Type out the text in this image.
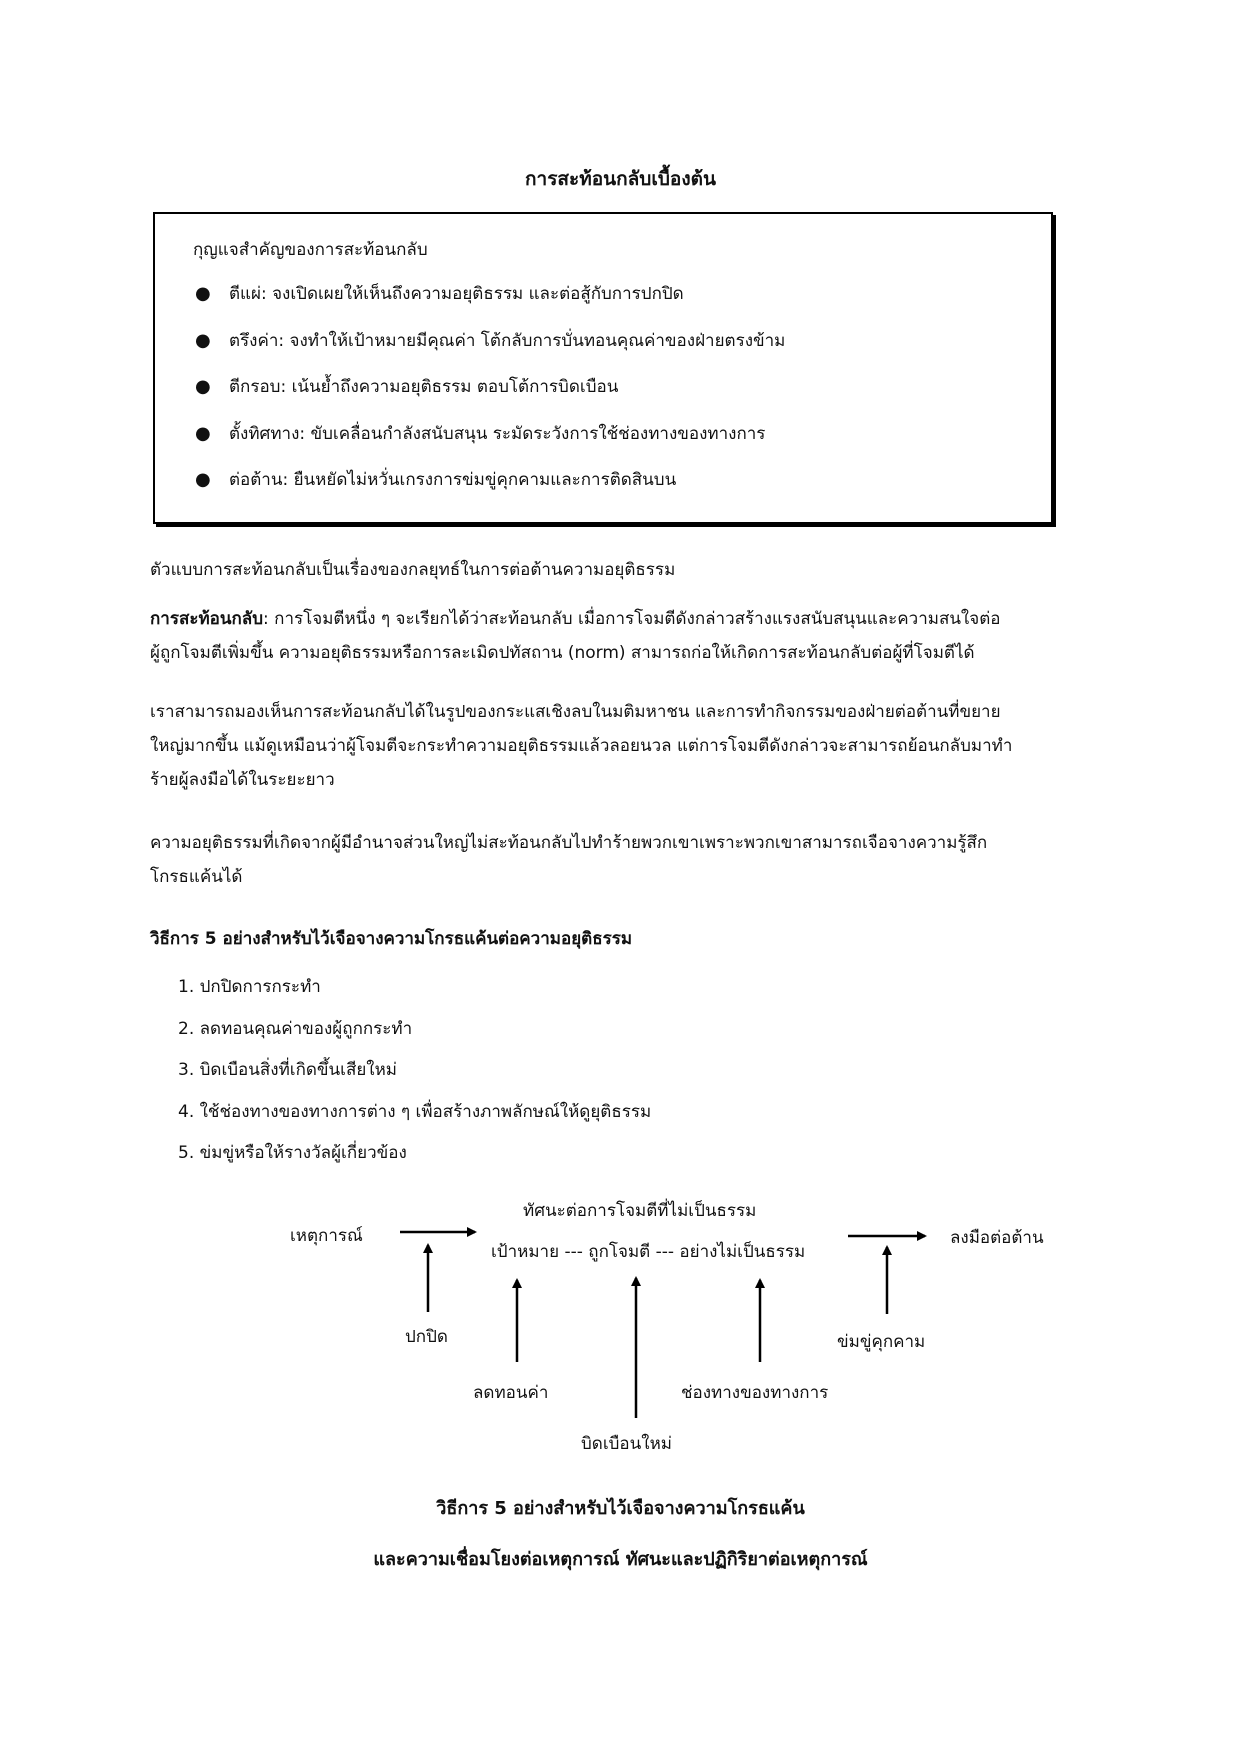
การสะท้อนกลับเบื้องต้น
กุญแจสำคัญของการสะท้อนกลับ
● ตีแผ่: จงเปิดเผยให้เห็นถึงความอยุติธรรม และต่อสู้กับการปกปิด
● ตรึงค่า: จงทำให้เป้าหมายมีคุณค่า โต้กลับการบั่นทอนคุณค่าของฝ่ายตรงข้าม
● ตีกรอบ: เน้นย้ำถึงความอยุติธรรม ตอบโต้การบิดเบือน
● ตั้งทิศทาง: ขับเคลื่อนกำลังสนับสนุน ระมัดระวังการใช้ช่องทางของทางการ
● ต่อต้าน: ยืนหยัดไม่หวั่นเกรงการข่มขู่คุกคามและการติดสินบน
ตัวแบบการสะท้อนกลับเป็นเรื่องของกลยุทธ์ในการต่อต้านความอยุติธรรม
การสะท้อนกลับ: การโจมตีหนึ่ง ๆ จะเรียกได้ว่าสะท้อนกลับ เมื่อการโจมตีดังกล่าวสร้างแรงสนับสนุนและความสนใจต่อ
ผู้ถูกโจมตีเพิ่มขึ้น ความอยุติธรรมหรือการละเมิดปทัสถาน (norm) สามารถก่อให้เกิดการสะท้อนกลับต่อผู้ที่โจมตีได้
เราสามารถมองเห็นการสะท้อนกลับได้ในรูปของกระแสเชิงลบในมติมหาชน และการทำกิจกรรมของฝ่ายต่อต้านที่ขยาย
ใหญ่มากขึ้น แม้ดูเหมือนว่าผู้โจมตีจะกระทำความอยุติธรรมแล้วลอยนวล แต่การโจมตีดังกล่าวจะสามารถย้อนกลับมาทำ
ร้ายผู้ลงมือได้ในระยะยาว
ความอยุติธรรมที่เกิดจากผู้มีอำนาจส่วนใหญ่ไม่สะท้อนกลับไปทำร้ายพวกเขาเพราะพวกเขาสามารถเจือจางความรู้สึก
โกรธแค้นได้
วิธีการ 5 อย่างสำหรับไว้เจือจางความโกรธแค้นต่อความอยุติธรรม
1. ปกปิดการกระทำ
2. ลดทอนคุณค่าของผู้ถูกกระทำ
3. บิดเบือนสิ่งที่เกิดขึ้นเสียใหม่
4. ใช้ช่องทางของทางการต่าง ๆ เพื่อสร้างภาพลักษณ์ให้ดูยุติธรรม
5. ข่มขู่หรือให้รางวัลผู้เกี่ยวข้อง
เหตุการณ์
ทัศนะต่อการโจมตีที่ไม่เป็นธรรม
เป้าหมาย --- ถูกโจมตี --- อย่างไม่เป็นธรรม
ลงมือต่อต้าน
ปกปิด
ลดทอนค่า
บิดเบือนใหม่
ช่องทางของทางการ
ข่มขู่คุกคาม
วิธีการ 5 อย่างสำหรับไว้เจือจางความโกรธแค้น
และความเชื่อมโยงต่อเหตุการณ์ ทัศนะและปฏิกิริยาต่อเหตุการณ์
